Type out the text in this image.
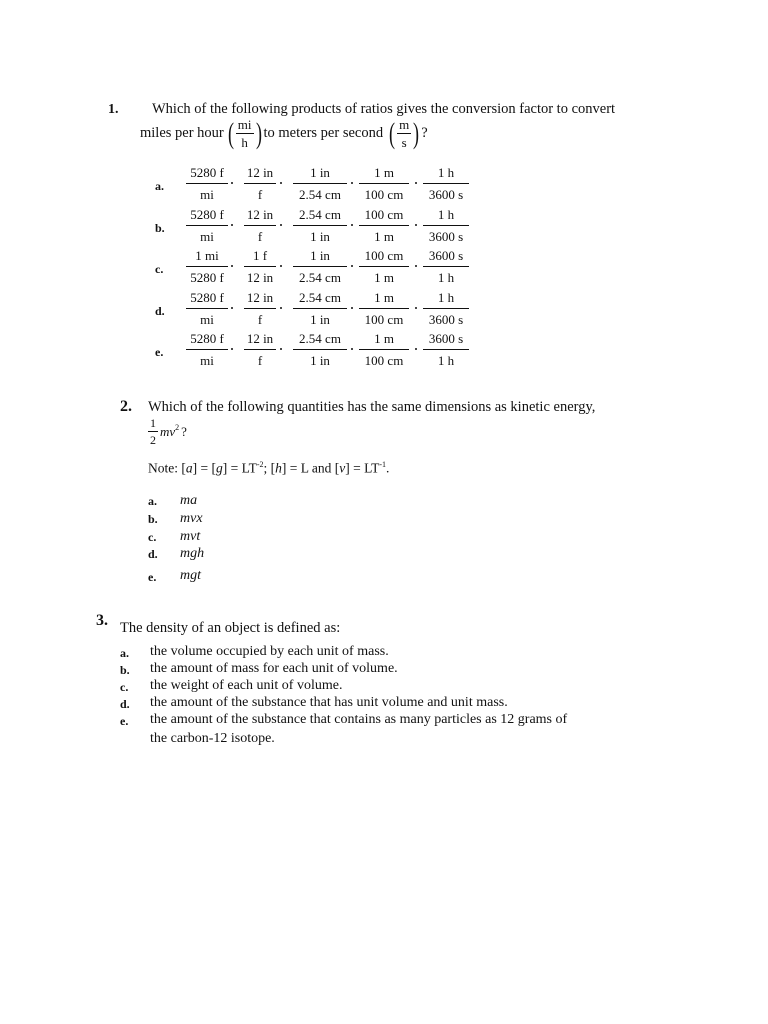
1. Which of the following products of ratios gives the conversion factor to convert
miles per hour ( $\frac{mi}{h}$ ) to meters per second ( $\frac{m}{s}$ ) ?
a.
5280 f
mi
12 in
f
1 in
2.54 cm
1 m
100 cm
1 h
3600 s
b.
5280 f
mi
12 in
f
2.54 cm
1 in
100 cm
1 m
1 h
3600 s
c.
1 mi
5280 f
1 f
12 in
1 in
2.54 cm
100 cm
1 m
3600 s
1 h
d.
5280 f
mi
12 in
f
2.54 cm
1 in
1 m
100 cm
1 h
3600 s
e.
5280 f
mi
12 in
f
2.54 cm
1 in
1 m
100 cm
3600 s
1 h
2. Which of the following quantities has the same dimensions as kinetic energy,
$\frac{1}{2} mv^2$ ?
Note: $[a] = [g] = LT^{-2}$; [h] = L and $[v] = LT^{-1}$.
a. ma
b. mvx
c. mvt
d. mgh
e. mgt
3. The density of an object is defined as:
a. the volume occupied by each unit of mass.
b. the amount of mass for each unit of volume.
c. the weight of each unit of volume.
d. the amount of the substance that has unit volume and unit mass.
e. the amount of the substance that contains as many particles as 12 grams of
the carbon-12 isotope.
